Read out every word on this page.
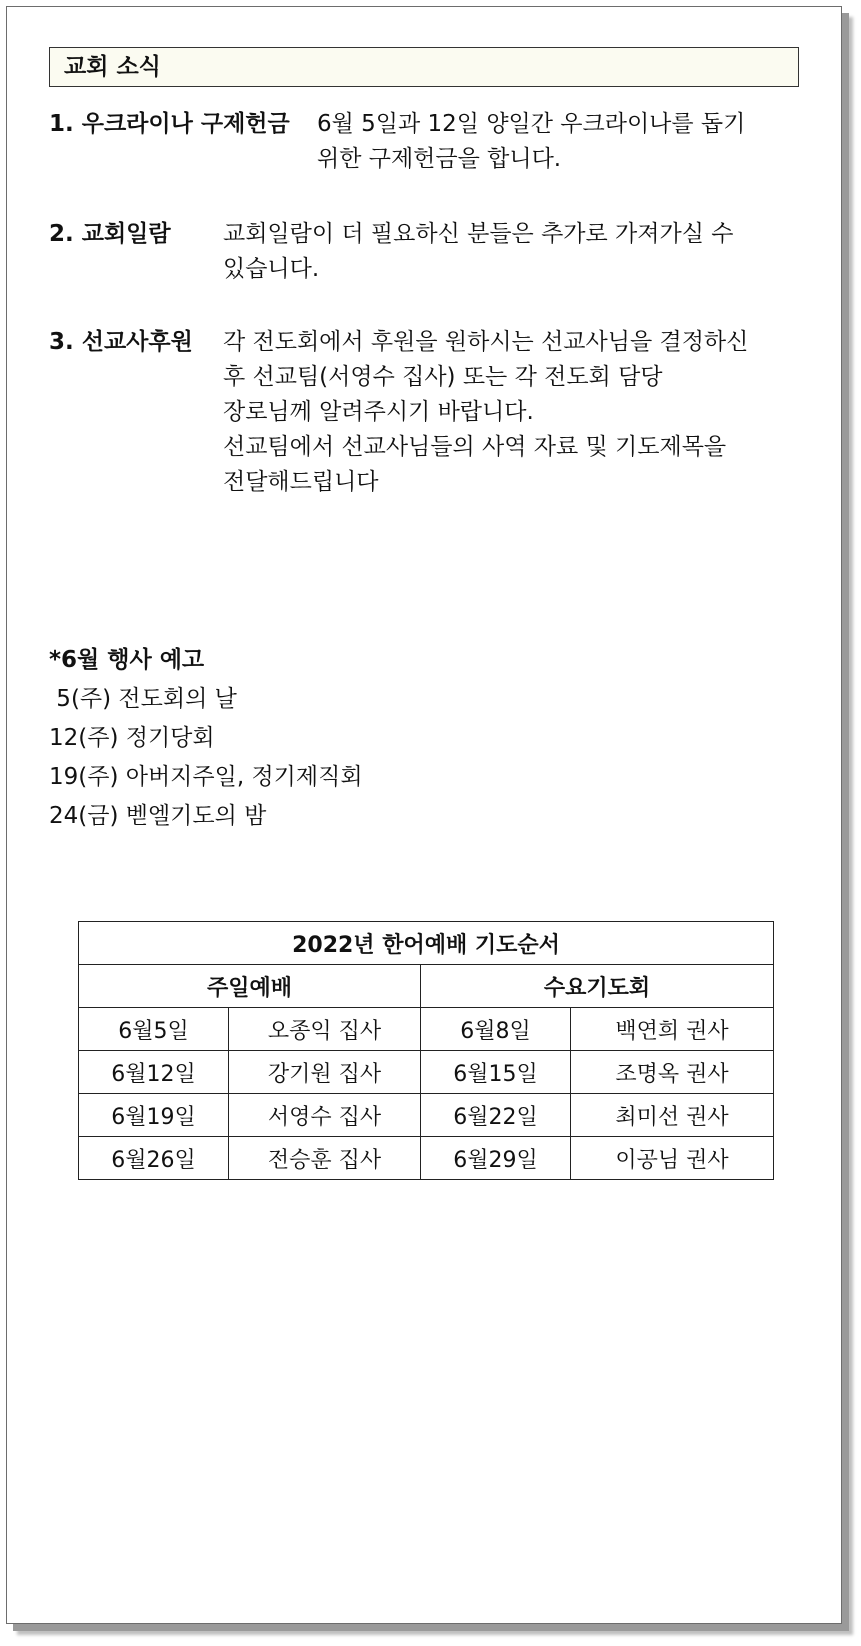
교회 소식
1. 우크라이나 구제헌금 6월 5일과 12일 양일간 우크라이나를 돕기
위한 구제헌금을 합니다.
2. 교회일람 교회일람이 더 필요하신 분들은 추가로 가져가실 수
있습니다.
3. 선교사후원 각 전도회에서 후원을 원하시는 선교사님을 결정하신
후 선교팀(서영수 집사) 또는 각 전도회 담당
장로님께 알려주시기 바랍니다.
선교팀에서 선교사님들의 사역 자료 및 기도제목을
전달해드립니다
*6월 행사 예고
5(주) 전도회의 날
12(주) 정기당회
19(주) 아버지주일, 정기제직회
24(금) 벧엘기도의 밤
2022년 한어예배 기도순서			
주일예배		수요기도회	
6월5일	오종익 집사	6월8일	백연희 권사
6월12일	강기원 집사	6월15일	조명옥 권사
6월19일	서영수 집사	6월22일	최미선 권사
6월26일	전승훈 집사	6월29일	이공님 권사
